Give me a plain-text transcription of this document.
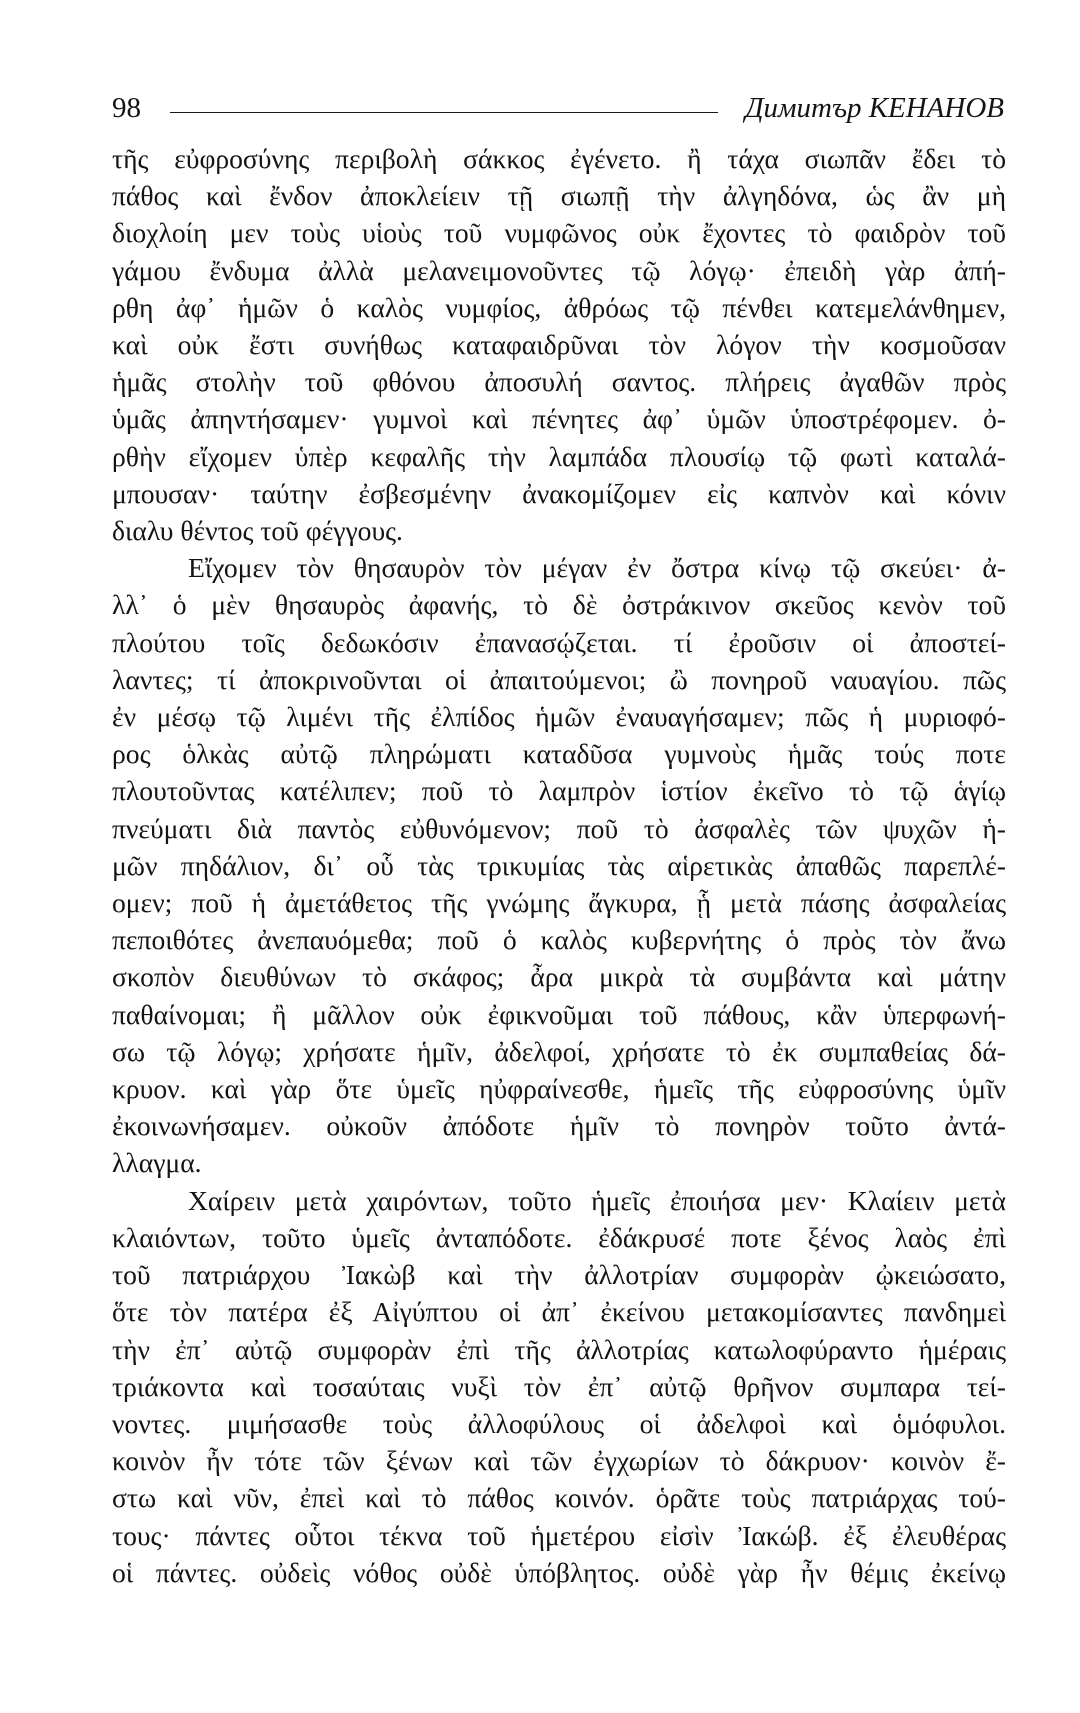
98	Димитър КЕНАНОВ

τῆς εὐφροσύνης περιβολὴ σάκκος ἐγένετο. ἢ τάχα σιωπᾶν ἔδει τὸ
πάθος καὶ ἔνδον ἀποκλείειν τῇ σιωπῇ τὴν ἀλγηδόνα, ὡς ἂν μὴ
διοχλοίη μεν τοὺς υἱοὺς τοῦ νυμφῶνος οὐκ ἔχοντες τὸ φαιδρὸν τοῦ
γάμου ἔνδυμα ἀλλὰ μελανειμονοῦντες τῷ λόγῳ· ἐπειδὴ γὰρ ἀπή-
ρθη ἀφ᾽ ἡμῶν ὁ καλὸς νυμφίος, ἀθρόως τῷ πένθει κατεμελάνθημεν,
καὶ οὐκ ἔστι συνήθως καταφαιδρῦναι τὸν λόγον τὴν κοσμοῦσαν
ἡμᾶς στολὴν τοῦ φθόνου ἀποσυλή σαντος. πλήρεις ἀγαθῶν πρὸς
ὑμᾶς ἀπηντήσαμεν· γυμνοὶ καὶ πένητες ἀφ᾽ ὑμῶν ὑποστρέφομεν. ὀ-
ρθὴν εἴχομεν ὑπὲρ κεφαλῆς τὴν λαμπάδα πλουσίῳ τῷ φωτὶ καταλά-
μπουσαν· ταύτην ἐσβεσμένην ἀνακομίζομεν εἰς καπνὸν καὶ κόνιν
διαλυ θέντος τοῦ φέγγους.

Εἴχομεν τὸν θησαυρὸν τὸν μέγαν ἐν ὄστρα κίνῳ τῷ σκεύει· ἀ-
λλ᾽ ὁ μὲν θησαυρὸς ἀφανής, τὸ δὲ ὀστράκινον σκεῦος κενὸν τοῦ
πλούτου τοῖς δεδωκόσιν ἐπανασῴζεται. τί ἐροῦσιν οἱ ἀποστεί-
λαντες; τί ἀποκρινοῦνται οἱ ἀπαιτούμενοι; ὢ πονηροῦ ναυαγίου. πῶς
ἐν μέσῳ τῷ λιμένι τῆς ἐλπίδος ἡμῶν ἐναυαγήσαμεν; πῶς ἡ μυριοφό-
ρος ὁλκὰς αὐτῷ πληρώματι καταδῦσα γυμνοὺς ἡμᾶς τούς ποτε
πλουτοῦντας κατέλιπεν; ποῦ τὸ λαμπρὸν ἱστίον ἐκεῖνο τὸ τῷ ἁγίῳ
πνεύματι διὰ παντὸς εὐθυνόμενον; ποῦ τὸ ἀσφαλὲς τῶν ψυχῶν ἡ-
μῶν πηδάλιον, δι᾽ οὗ τὰς τρικυμίας τὰς αἱρετικὰς ἀπαθῶς παρεπλέ-
ομεν; ποῦ ἡ ἀμετάθετος τῆς γνώμης ἄγκυρα, ᾗ μετὰ πάσης ἀσφαλείας
πεποιθότες ἀνεπαυόμεθα; ποῦ ὁ καλὸς κυβερνήτης ὁ πρὸς τὸν ἄνω
σκοπὸν διευθύνων τὸ σκάφος; ἆρα μικρὰ τὰ συμβάντα καὶ μάτην
παθαίνομαι; ἢ μᾶλλον οὐκ ἐφικνοῦμαι τοῦ πάθους, κἂν ὑπερφωνή-
σω τῷ λόγῳ; χρήσατε ἡμῖν, ἀδελφοί, χρήσατε τὸ ἐκ συμπαθείας δά-
κρυον. καὶ γὰρ ὅτε ὑμεῖς ηὐφραίνεσθε, ἡμεῖς τῆς εὐφροσύνης ὑμῖν
ἐκοινωνήσαμεν. οὐκοῦν ἀπόδοτε ἡμῖν τὸ πονηρὸν τοῦτο ἀντά-
λλαγμα.

Χαίρειν μετὰ χαιρόντων, τοῦτο ἡμεῖς ἐποιήσα μεν· Κλαίειν μετὰ
κλαιόντων, τοῦτο ὑμεῖς ἀνταπόδοτε. ἐδάκρυσέ ποτε ξένος λαὸς ἐπὶ
τοῦ πατριάρχου Ἰακὼβ καὶ τὴν ἀλλοτρίαν συμφορὰν ᾠκειώσατο,
ὅτε τὸν πατέρα ἐξ Αἰγύπτου οἱ ἀπ᾽ ἐκείνου μετακομίσαντες πανδημεὶ
τὴν ἐπ᾽ αὐτῷ συμφορὰν ἐπὶ τῆς ἀλλοτρίας κατωλοφύραντο ἡμέραις
τριάκοντα καὶ τοσαύταις νυξὶ τὸν ἐπ᾽ αὐτῷ θρῆνον συμπαρα τεί-
νοντες. μιμήσασθε τοὺς ἀλλοφύλους οἱ ἀδελφοὶ καὶ ὁμόφυλοι.
κοινὸν ἦν τότε τῶν ξένων καὶ τῶν ἐγχωρίων τὸ δάκρυον· κοινὸν ἔ-
στω καὶ νῦν, ἐπεὶ καὶ τὸ πάθος κοινόν. ὁρᾶτε τοὺς πατριάρχας τού-
τους· πάντες οὗτοι τέκνα τοῦ ἡμετέρου εἰσὶν Ἰακώβ. ἐξ ἐλευθέρας
οἱ πάντες. οὐδεὶς νόθος οὐδὲ ὑπόβλητος. οὐδὲ γὰρ ἦν θέμις ἐκείνῳ
